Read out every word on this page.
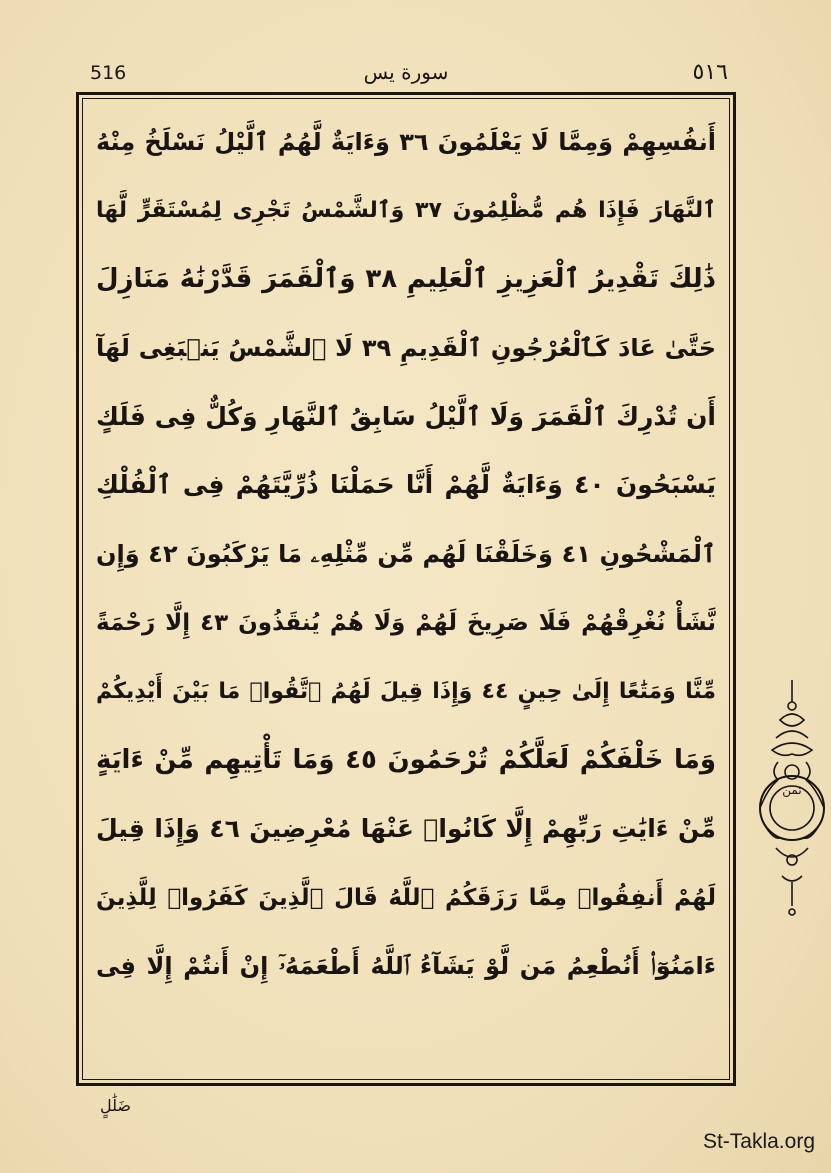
516	سورة يس	٥١٦
أَنفُسِهِمْ وَمِمَّا لَا يَعْلَمُونَ ٣٦ وَءَايَةٌ لَّهُمُ ٱلَّيْلُ نَسْلَخُ مِنْهُ
ٱلنَّهَارَ فَإِذَا هُم مُّظْلِمُونَ ٣٧ وَٱلشَّمْسُ تَجْرِى لِمُسْتَقَرٍّ لَّهَا
ذَٰلِكَ تَقْدِيرُ ٱلْعَزِيزِ ٱلْعَلِيمِ ٣٨ وَٱلْقَمَرَ قَدَّرْنَٰهُ مَنَازِلَ
حَتَّىٰ عَادَ كَٱلْعُرْجُونِ ٱلْقَدِيمِ ٣٩ لَا ٱلشَّمْسُ يَنۢبَغِى لَهَآ
أَن تُدْرِكَ ٱلْقَمَرَ وَلَا ٱلَّيْلُ سَابِقُ ٱلنَّهَارِ وَكُلٌّ فِى فَلَكٍ
يَسْبَحُونَ ٤٠ وَءَايَةٌ لَّهُمْ أَنَّا حَمَلْنَا ذُرِّيَّتَهُمْ فِى ٱلْفُلْكِ
ٱلْمَشْحُونِ ٤١ وَخَلَقْنَا لَهُم مِّن مِّثْلِهِۦ مَا يَرْكَبُونَ ٤٢ وَإِن
نَّشَأْ نُغْرِقْهُمْ فَلَا صَرِيخَ لَهُمْ وَلَا هُمْ يُنقَذُونَ ٤٣ إِلَّا رَحْمَةً
مِّنَّا وَمَتَٰعًا إِلَىٰ حِينٍ ٤٤ وَإِذَا قِيلَ لَهُمُ ٱتَّقُوا۟ مَا بَيْنَ أَيْدِيكُمْ
وَمَا خَلْفَكُمْ لَعَلَّكُمْ تُرْحَمُونَ ٤٥ وَمَا تَأْتِيهِم مِّنْ ءَايَةٍ
مِّنْ ءَايَٰتِ رَبِّهِمْ إِلَّا كَانُوا۟ عَنْهَا مُعْرِضِينَ ٤٦ وَإِذَا قِيلَ
لَهُمْ أَنفِقُوا۟ مِمَّا رَزَقَكُمُ ٱللَّهُ قَالَ ٱلَّذِينَ كَفَرُوا۟ لِلَّذِينَ
ءَامَنُوٓا۟ أَنُطْعِمُ مَن لَّوْ يَشَآءُ ٱللَّهُ أَطْعَمَهُۥٓ إِنْ أَنتُمْ إِلَّا فِى
ثمن
ضَلَٰلٍ
St-Takla.org
